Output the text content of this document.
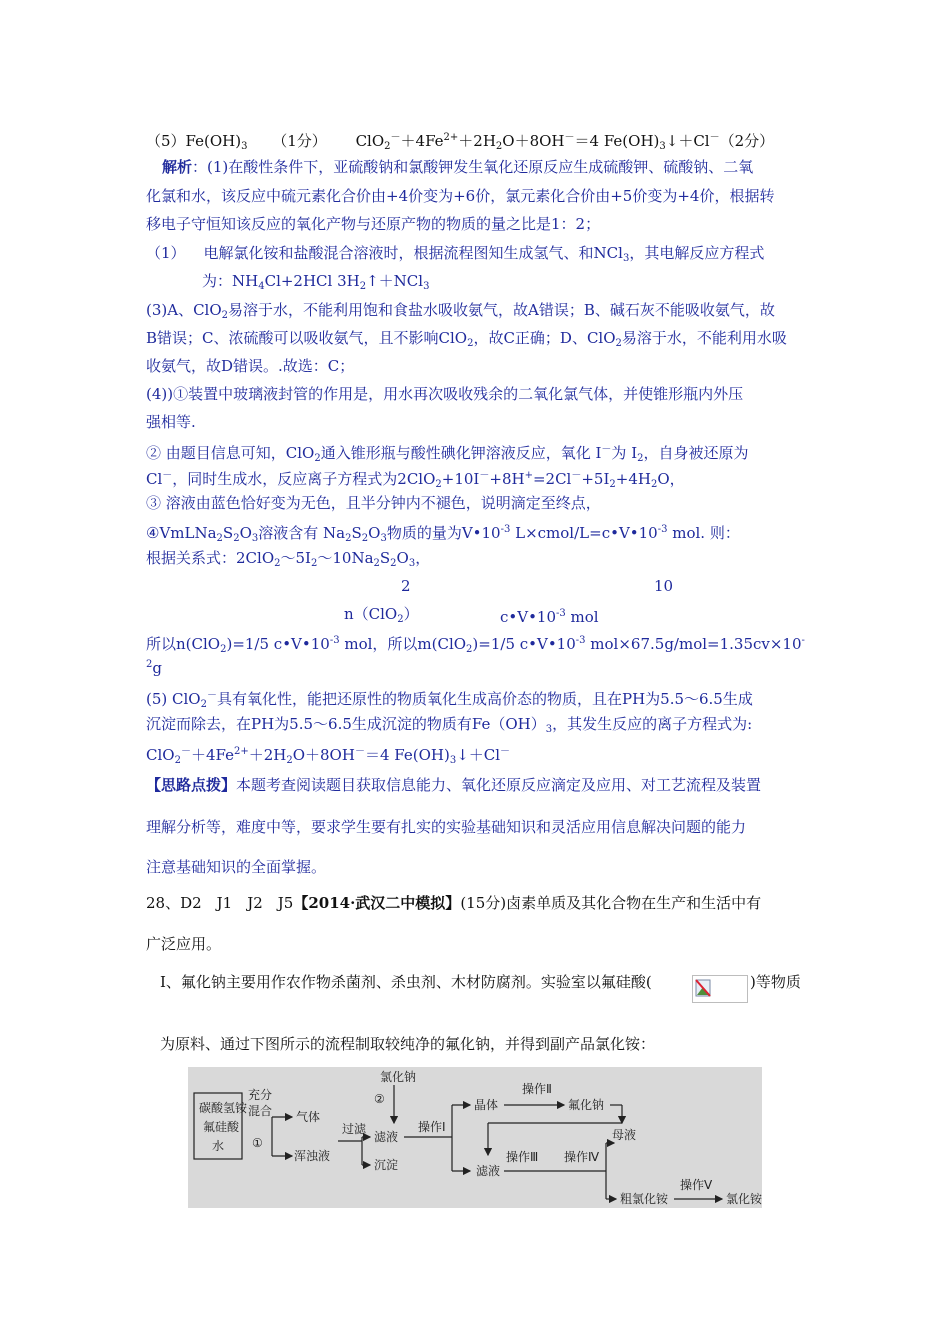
$(5)Fe(OH)_3$ （1分） $ClO_2^-+4Fe^{2+}+2H_2O+8OH^-=4$ $Fe(OH)_3↓+Cl^-(2$分）
解析：(1)在酸性条件下，亚硫酸钠和氯酸钾发生氧化还原反应生成硫酸钾、硫酸钠、二氧
化氯和水，该反应中硫元素化合价由+4价变为+6价，氯元素化合价由+5价变为+4价，根据转
移电子守恒知该反应的氧化产物与还原产物的物质的量之比是1：2；
（1） 电解氯化铵和盐酸混合溶液时，根据流程图知生成氢气、和NCl$_3$，其电解反应方程式
为：$NH_4Cl+2HCl$ $3H_2↑+NCl_3$
(3)A、ClO$_2$易溶于水，不能利用饱和食盐水吸收氨气，故A错误；B、碱石灰不能吸收氨气，故
B错误；C、浓硫酸可以吸收氨气，且不影响ClO$_2$，故C正确；D、ClO$_2$易溶于水，不能利用水吸
收氨气，故D错误。.故选：C；
(4))①装置中玻璃液封管的作用是，用水再次吸收残余的二氧化氯气体，并使锥形瓶内外压
强相等.
② 由题目信息可知，ClO$_2$通入锥形瓶与酸性碘化钾溶液反应，氧化 I－为 $I_2$，自身被还原为
Cl－，同时生成水，反应离子方程式为$2ClO_2+10I^-+8H^+=2Cl^-+5I_2+4H_2O$，
③ 溶液由蓝色恰好变为无色，且半分钟内不褪色，说明滴定至终点，
$④VmLNa_2S_2O_3$溶液含有 $Na_2S_2O_3$物质的量为$V•10^{-3}$ $L\times cmol/L=c•V•10^{-3}$ mol. 则：
根据关系式：$2ClO_2\sim 5I_2\sim 10Na_2S_2O_3$，
2	10
n（ClO$_2$）	$c•V•10^{-3}$ mol
所以n(ClO$_2$)=1/5 $c•V•10^{-3}$ mol，所以m(ClO$_2$)=1/5 $c•V•10^{-3}$ mol×67.5g/mol=1.35cv×10-
$^2$g
(5) ClO$_2$－具有氧化性，能把还原性的物质氧化生成高价态的物质，且在PH为5.5～6.5生成
沉淀而除去，在PH为5.5～6.5生成沉淀的物质有$Fe(OH)_3$，其发生反应的离子方程式为:
$ClO_2^-+4Fe^{2+}+2H_2O+8OH^-=4$ $Fe(OH)_3↓+Cl^-$
【思路点拨】本题考查阅读题目获取信息能力、氧化还原反应滴定及应用、对工艺流程及装置
理解分析等，难度中等，要求学生要有扎实的实验基础知识和灵活应用信息解决问题的能力
注意基础知识的全面掌握。
28、D2　J1　J2　J5【2014·武汉二中模拟】(15分)卤素单质及其化合物在生产和生活中有
广泛应用。
Ⅰ、氟化钠主要用作农作物杀菌剂、杀虫剂、木材防腐剂。实验室以氟硅酸(	)等物质
为原料、通过下图所示的流程制取较纯净的氟化钠，并得到副产品氯化铵：
碳酸氢铵
氟硅酸
水
充分
混合
①
气体
浑浊液
过滤
氯化钠
②
滤液
沉淀
操作Ⅰ
晶体
滤液
操作Ⅱ
氟化钠
母液
操作Ⅲ 操作Ⅳ
粗氯化铵
操作Ⅴ
氯化铵
